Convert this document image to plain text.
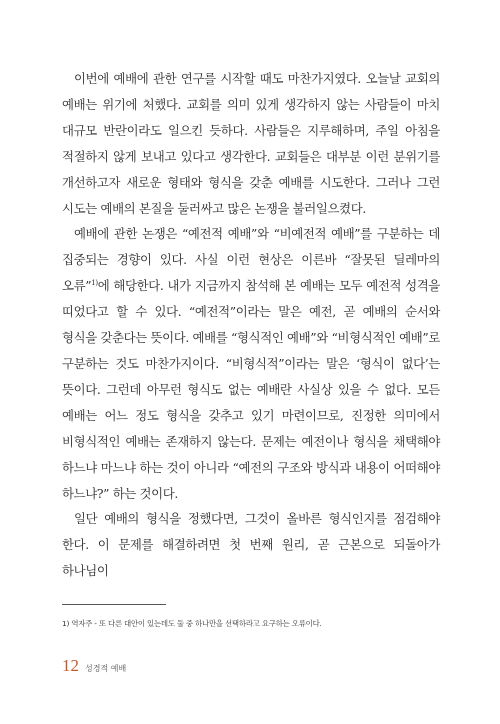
이번에 예배에 관한 연구를 시작할 때도 마찬가지였다. 오늘날 교회의 예배는 위기에 처했다. 교회를 의미 있게 생각하지 않는 사람들이 마치 대규모 반란이라도 일으킨 듯하다. 사람들은 지루해하며, 주일 아침을 적절하지 않게 보내고 있다고 생각한다. 교회들은 대부분 이런 분위기를 개선하고자 새로운 형태와 형식을 갖춘 예배를 시도한다. 그러나 그런 시도는 예배의 본질을 둘러싸고 많은 논쟁을 불러일으켰다.

예배에 관한 논쟁은 “예전적 예배”와 “비예전적 예배”를 구분하는 데 집중되는 경향이 있다. 사실 이런 현상은 이른바 “잘못된 딜레마의 오류”$^{1)}$에 해당한다. 내가 지금까지 참석해 본 예배는 모두 예전적 성격을 띠었다고 할 수 있다. “예전적”이라는 말은 예전, 곧 예배의 순서와 형식을 갖춘다는 뜻이다. 예배를 “형식적인 예배”와 “비형식적인 예배”로 구분하는 것도 마찬가지이다. “비형식적”이라는 말은 ‘형식이 없다’는 뜻이다. 그런데 아무런 형식도 없는 예배란 사실상 있을 수 없다. 모든 예배는 어느 정도 형식을 갖추고 있기 마련이므로, 진정한 의미에서 비형식적인 예배는 존재하지 않는다. 문제는 예전이나 형식을 채택해야 하느냐 마느냐 하는 것이 아니라 “예전의 구조와 방식과 내용이 어떠해야 하느냐?” 하는 것이다.

일단 예배의 형식을 정했다면, 그것이 올바른 형식인지를 점검해야 한다. 이 문제를 해결하려면 첫 번째 원리, 곧 근본으로 되돌아가 하나님이

1) 역자주 - 또 다른 대안이 있는데도 둘 중 하나만을 선택하라고 요구하는 오류이다.
12 성경적 예배
